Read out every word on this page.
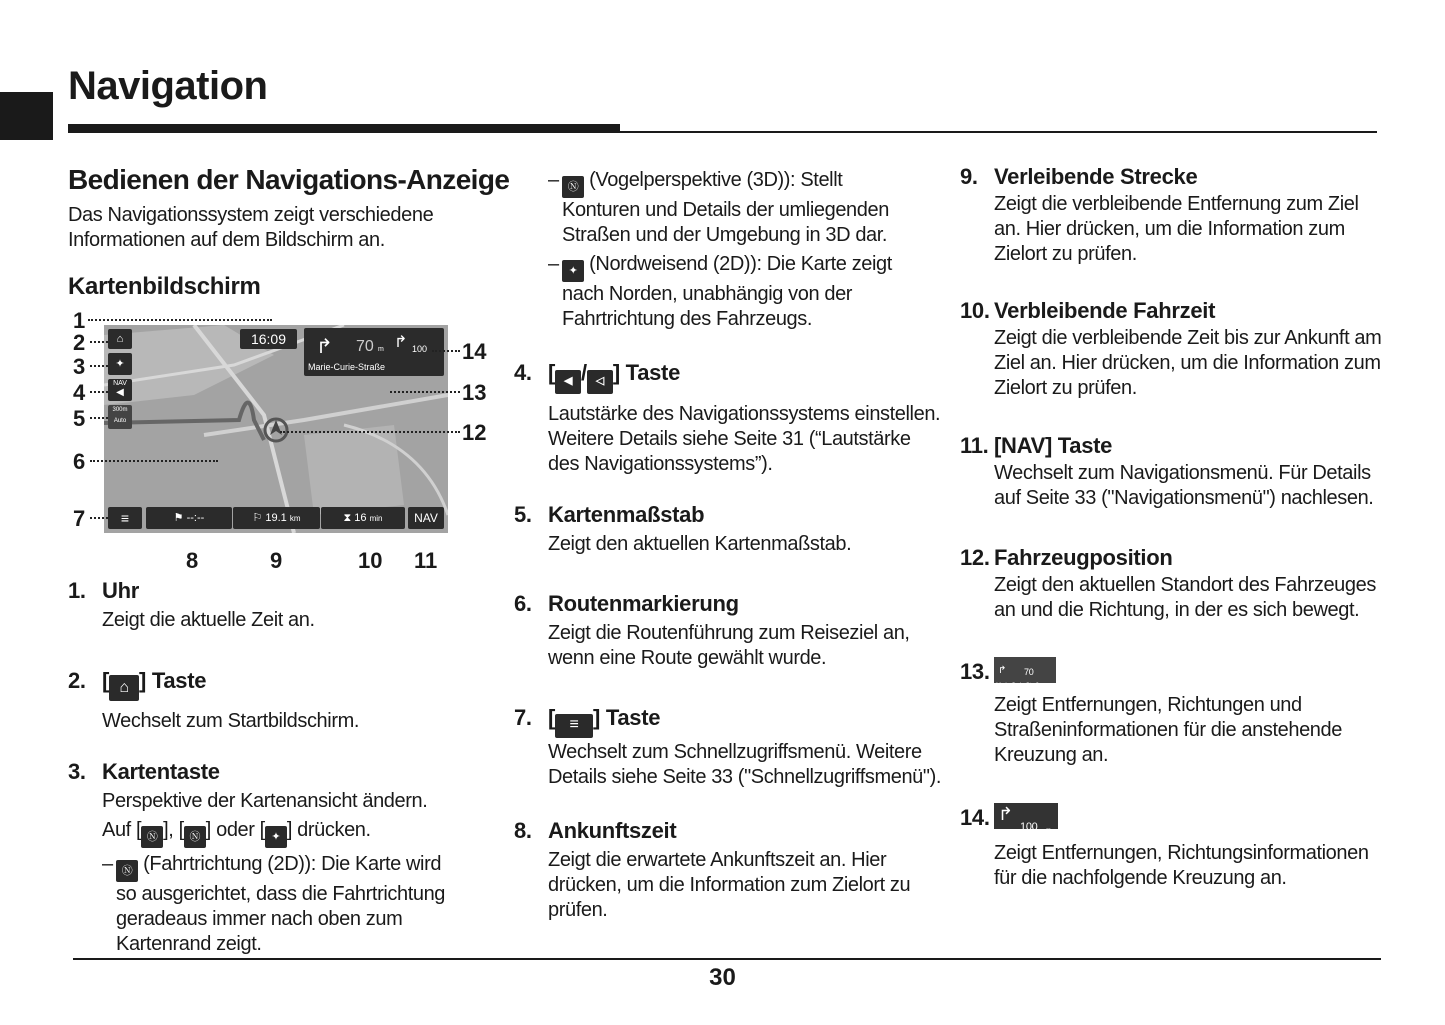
Navigation
Bedienen der Navigations-Anzeige
Das Navigationssystem zeigt verschiedene
Informationen auf dem Bildschirm an.
Kartenbildschirm
⌂
✦
NAV
◀
300m
Auto
16:09	↱ 70 m ↱ 100
Marie-Curie-Straße
≡	⚑ --:--	⚐ 19.1 km	⧗ 16 min	NAV
1
2
3
4
5
6
7
8	9	10 11
12
13
14
1. Uhr
Zeigt die aktuelle Zeit an.
2. [ ⌂ ] Taste
Wechselt zum Startbildschirm.
3. Kartentaste
Perspektive der Kartenansicht ändern.
Auf [ Ⓝ ], [ Ⓝ ] oder [ ✦ ] drücken.
– Ⓝ (Fahrtrichtung (2D)): Die Karte wird
so ausgerichtet, dass die Fahrtrichtung
geradeaus immer nach oben zum
Kartenrand zeigt.
– Ⓝ (Vogelperspektive (3D)): Stellt
Konturen und Details der umliegenden
Straßen und der Umgebung in 3D dar.
– ✦ (Nordweisend (2D)): Die Karte zeigt
nach Norden, unabhängig von der
Fahrtrichtung des Fahrzeugs.
4. [ ◀ / ◁ ] Taste
Lautstärke des Navigationssystems einstellen.
Weitere Details siehe Seite 31 (“Lautstärke
des Navigationssystems”).
5. Kartenmaßstab
Zeigt den aktuellen Kartenmaßstab.
6. Routenmarkierung
Zeigt die Routenführung zum Reiseziel an,
wenn eine Route gewählt wurde.
7. [ ≡ ] Taste
Wechselt zum Schnellzugriffsmenü. Weitere
Details siehe Seite 33 ("Schnellzugriffsmenü").
8. Ankunftszeit
Zeigt die erwartete Ankunftszeit an. Hier
drücken, um die Information zum Zielort zu
prüfen.
9. Verleibende Strecke
Zeigt die verbleibende Entfernung zum Ziel
an. Hier drücken, um die Information zum
Zielort zu prüfen.
10. Verbleibende Fahrzeit
Zeigt die verbleibende Zeit bis zur Ankunft am
Ziel an. Hier drücken, um die Information zum
Zielort zu prüfen.
11. [NAV] Taste
Wechselt zum Navigationsmenü. Für Details
auf Seite 33 ("Navigationsmenü") nachlesen.
12. Fahrzeugposition
Zeigt den aktuellen Standort des Fahrzeuges
an und die Richtung, in der es sich bewegt.
13. ↱ 70
Marie-Curie-Straße
Zeigt Entfernungen, Richtungen und
Straßeninformationen für die anstehende
Kreuzung an.
14. ↱
100 m
Zeigt Entfernungen, Richtungsinformationen
für die nachfolgende Kreuzung an.
30
